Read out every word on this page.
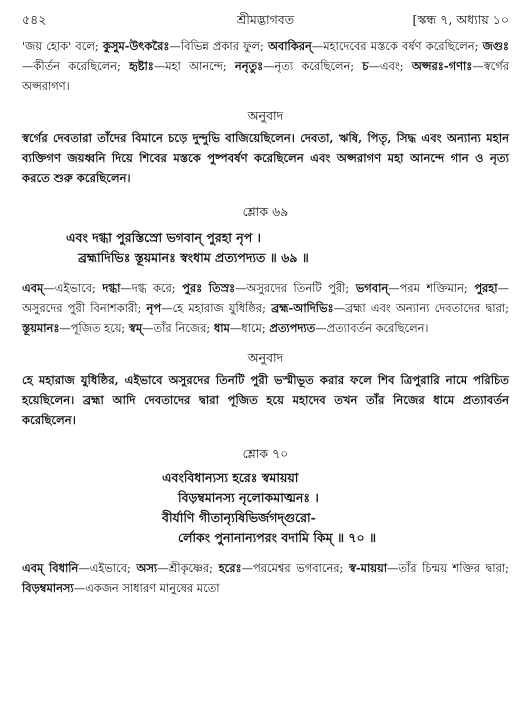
৫৪২	শ্রীমদ্ভাগবত	[স্কন্ধ ৭, অধ্যায় ১০

'জয় হোক' বলে; কুসুম-উৎকরৈঃ—বিভিন্ন প্রকার ফুল; অবাকিরন্—মহাদেবের মস্তকে বর্ষণ করেছিলেন; জগুঃ—কীর্তন করেছিলেন; হৃষ্টাঃ—মহা আনন্দে; ননৃতুঃ—নৃত্য করেছিলেন; চ—এবং; অপ্সরঃ-গণাঃ—স্বর্গের অপ্সরাগণ।

অনুবাদ

স্বর্গের দেবতারা তাঁদের বিমানে চড়ে দুন্দুভি বাজিয়েছিলেন। দেবতা, ঋষি, পিতৃ, সিদ্ধ এবং অন্যান্য মহান ব্যক্তিগণ জয়ধ্বনি দিয়ে শিবের মস্তকে পুষ্পবর্ষণ করেছিলেন এবং অপ্সরাগণ মহা আনন্দে গান ও নৃত্য করতে শুরু করেছিলেন।

শ্লোক ৬৯

এবং দগ্ধা পুরস্তিস্রো ভগবান্ পুরহা নৃপ ।
ব্রহ্মাদিভিঃ স্তূয়মানঃ স্বংধাম প্রত্যপদ্যত ॥ ৬৯ ॥

এবম্—এইভাবে; দগ্ধা—দগ্ধ করে; পুরঃ তিস্রঃ—অসুরদের তিনটি পুরী; ভগবান্—পরম শক্তিমান; পুরহা—অসুরদের পুরী বিনাশকারী; নৃপ—হে মহারাজ যুধিষ্ঠির; ব্রহ্ম-আদিভিঃ—ব্রহ্মা এবং অন্যান্য দেবতাদের দ্বারা; স্তূয়মানঃ—পূজিত হয়ে; স্বম্—তাঁর নিজের; ধাম—ধামে; প্রত্যপদ্যত—প্রত্যাবর্তন করেছিলেন।

অনুবাদ

হে মহারাজ যুধিষ্ঠির, এইভাবে অসুরদের তিনটি পুরী ভস্মীভূত করার ফলে শিব ত্রিপুরারি নামে পরিচিত হয়েছিলেন। ব্রহ্মা আদি দেবতাদের দ্বারা পূজিত হয়ে মহাদেব তখন তাঁর নিজের ধামে প্রত্যাবর্তন করেছিলেন।

শ্লোক ৭০

এবংবিধান্যস্য হরেঃ স্বমায়য়া
বিড়ম্বমানস্য নৃলোকমাত্মনঃ ।
বীর্যাণি গীতান্যৃষিভির্জগদ্গুরো-
র্লোকং পুনানান্যপরং বদামি কিম্ ॥ ৭০ ॥

এবম্ বিধানি—এইভাবে; অস্য—শ্রীকৃষ্ণের; হরেঃ—পরমেশ্বর ভগবানের; স্ব-মায়য়া—তাঁর চিন্ময় শক্তির দ্বারা; বিড়ম্বমানস্য—একজন সাধারণ মানুষের মতো
